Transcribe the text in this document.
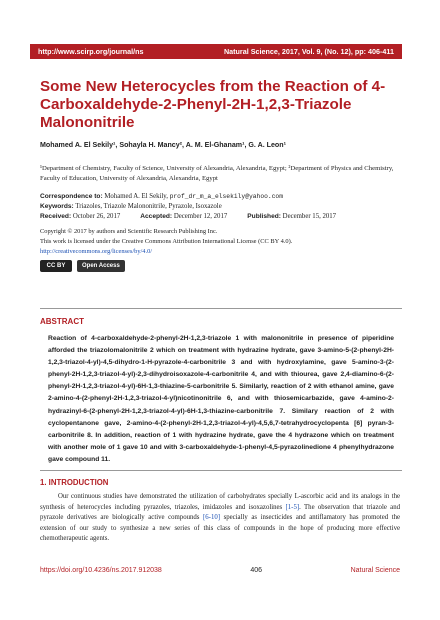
http://www.scirp.org/journal/ns	Natural Science, 2017, Vol. 9, (No. 12), pp: 406-411
Some New Heterocycles from the Reaction of 4-Carboxaldehyde-2-Phenyl-2H-1,2,3-Triazole Malononitrile
Mohamed A. El Sekily¹, Sohayla H. Mancy², A. M. El-Ghanam¹, G. A. Leon¹
¹Department of Chemistry, Faculty of Science, University of Alexandria, Alexandria, Egypt; ²Department of Physics and Chemistry, Faculty of Education, University of Alexandria, Alexandria, Egypt
Correspondence to: Mohamed A. El Sekily, prof_dr_m_a_elsekily@yahoo.com
Keywords: Triazoles, Triazole Malononitrile, Pyrazole, Isoxazole
Received: October 26, 2017	Accepted: December 12, 2017	Published: December 15, 2017
Copyright © 2017 by authors and Scientific Research Publishing Inc.
This work is licensed under the Creative Commons Attribution International License (CC BY 4.0).
http://creativecommons.org/licenses/by/4.0/
CC BY	Open Access
ABSTRACT

Reaction of 4-carboxaldehyde-2-phenyl-2H-1,2,3-triazole 1 with malononitrile in presence of piperidine afforded the triazolomalonitrile 2 which on treatment with hydrazine hydrate, gave 3-amino-5-(2-phenyl-2H-1,2,3-triazol-4-yl)-4,5-dihydro-1-H-pyrazole-4-carbonitrile 3 and with hydroxylamine, gave 5-amino-3-(2-phenyl-2H-1,2,3-triazol-4-yl)-2,3-dihydroisoxazole-4-carbonitrile 4, and with thiourea, gave 2,4-diamino-6-(2-phenyl-2H-1,2,3-triazol-4-yl)-6H-1,3-thiazine-5-carbonitrile 5. Similarly, reaction of 2 with ethanol amine, gave 2-amino-4-(2-phenyl-2H-1,2,3-triazol-4-yl)nicotinonitrile 6, and with thiosemicarbazide, gave 4-amino-2-hydrazinyl-6-(2-phenyl-2H-1,2,3-triazol-4-yl)-6H-1,3-thiazine-carbonitrile 7. Similary reaction of 2 with cyclopentanone gave, 2-amino-4-(2-phenyl-2H-1,2,3-triazol-4-yl)-4,5,6,7-tetrahydrocyclopenta [6] pyran-3-carbonitrile 8. In addition, reaction of 1 with hydrazine hydrate, gave the 4 hydrazone which on treatment with another mole of 1 gave 10 and with 3-carboxaldehyde-1-phenyl-4,5-pyrazolinedione 4 phenylhydrazone gave compound 11.

1. INTRODUCTION

Our continuous studies have demonstrated the utilization of carbohydrates specially L-ascorbic acid and its analogs in the synthesis of heterocycles including pyrazoles, triazoles, imidazoles and isoxazolines [1-5]. The observation that triazole and pyrazole derivatives are biologically active compounds [6-10] specially as insecticides and antiflamatory has promoted the extension of our study to synthesize a new series of this class of compounds in the hope of producing more effective chemotherapeutic agents.

https://doi.org/10.4236/ns.2017.912038	406	Natural Science
